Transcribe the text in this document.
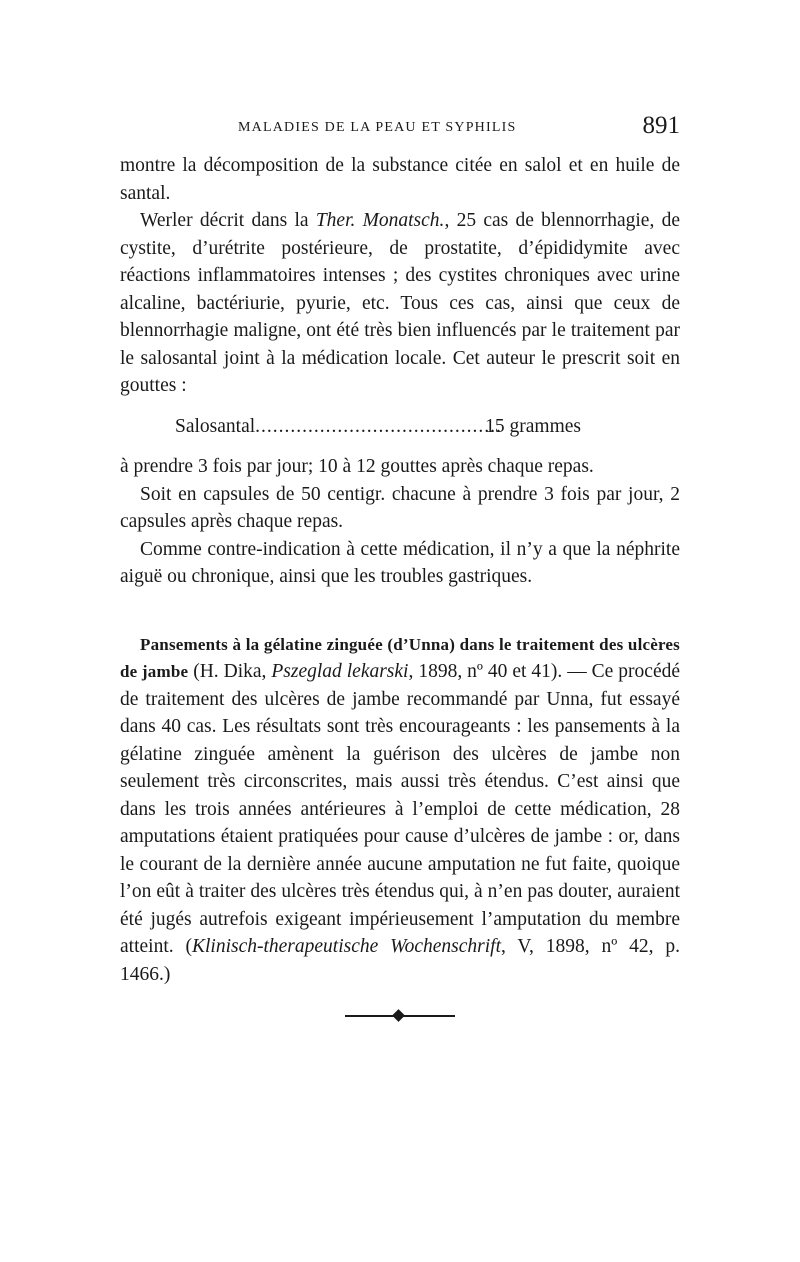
MALADIES DE LA PEAU ET SYPHILIS	891

montre la décomposition de la substance citée en salol et en huile de santal.

Werler décrit dans la Ther. Monatsch., 25 cas de blennorrhagie, de cystite, d’urétrite postérieure, de prostatite, d’épididymite avec réactions inflammatoires intenses ; des cystites chroniques avec urine alcaline, bactériurie, pyurie, etc. Tous ces cas, ainsi que ceux de blennorrhagie maligne, ont été très bien influencés par le traitement par le salosantal joint à la médication locale. Cet auteur le prescrit soit en gouttes :

Salosantal ..........................................
15 grammes

à prendre 3 fois par jour; 10 à 12 gouttes après chaque repas.

Soit en capsules de 50 centigr. chacune à prendre 3 fois par jour, 2 capsules après chaque repas.

Comme contre-indication à cette médication, il n’y a que la néphrite aiguë ou chronique, ainsi que les troubles gastriques.

Pansements à la gélatine zinguée (d’Unna) dans le traitement des ulcères de jambe (H. Dika, Pszeglad lekarski, 1898, nº 40 et 41). — Ce procédé de traitement des ulcères de jambe recommandé par Unna, fut essayé dans 40 cas. Les résultats sont très encourageants : les pansements à la gélatine zinguée amènent la guérison des ulcères de jambe non seulement très circonscrites, mais aussi très étendus. C’est ainsi que dans les trois années antérieures à l’emploi de cette médication, 28 amputations étaient pratiquées pour cause d’ulcères de jambe : or, dans le courant de la dernière année aucune amputation ne fut faite, quoique l’on eût à traiter des ulcères très étendus qui, à n’en pas douter, auraient été jugés autrefois exigeant impérieusement l’amputation du membre atteint. (Klinisch-therapeutische Wochenschrift, V, 1898, nº 42, p. 1466.)
